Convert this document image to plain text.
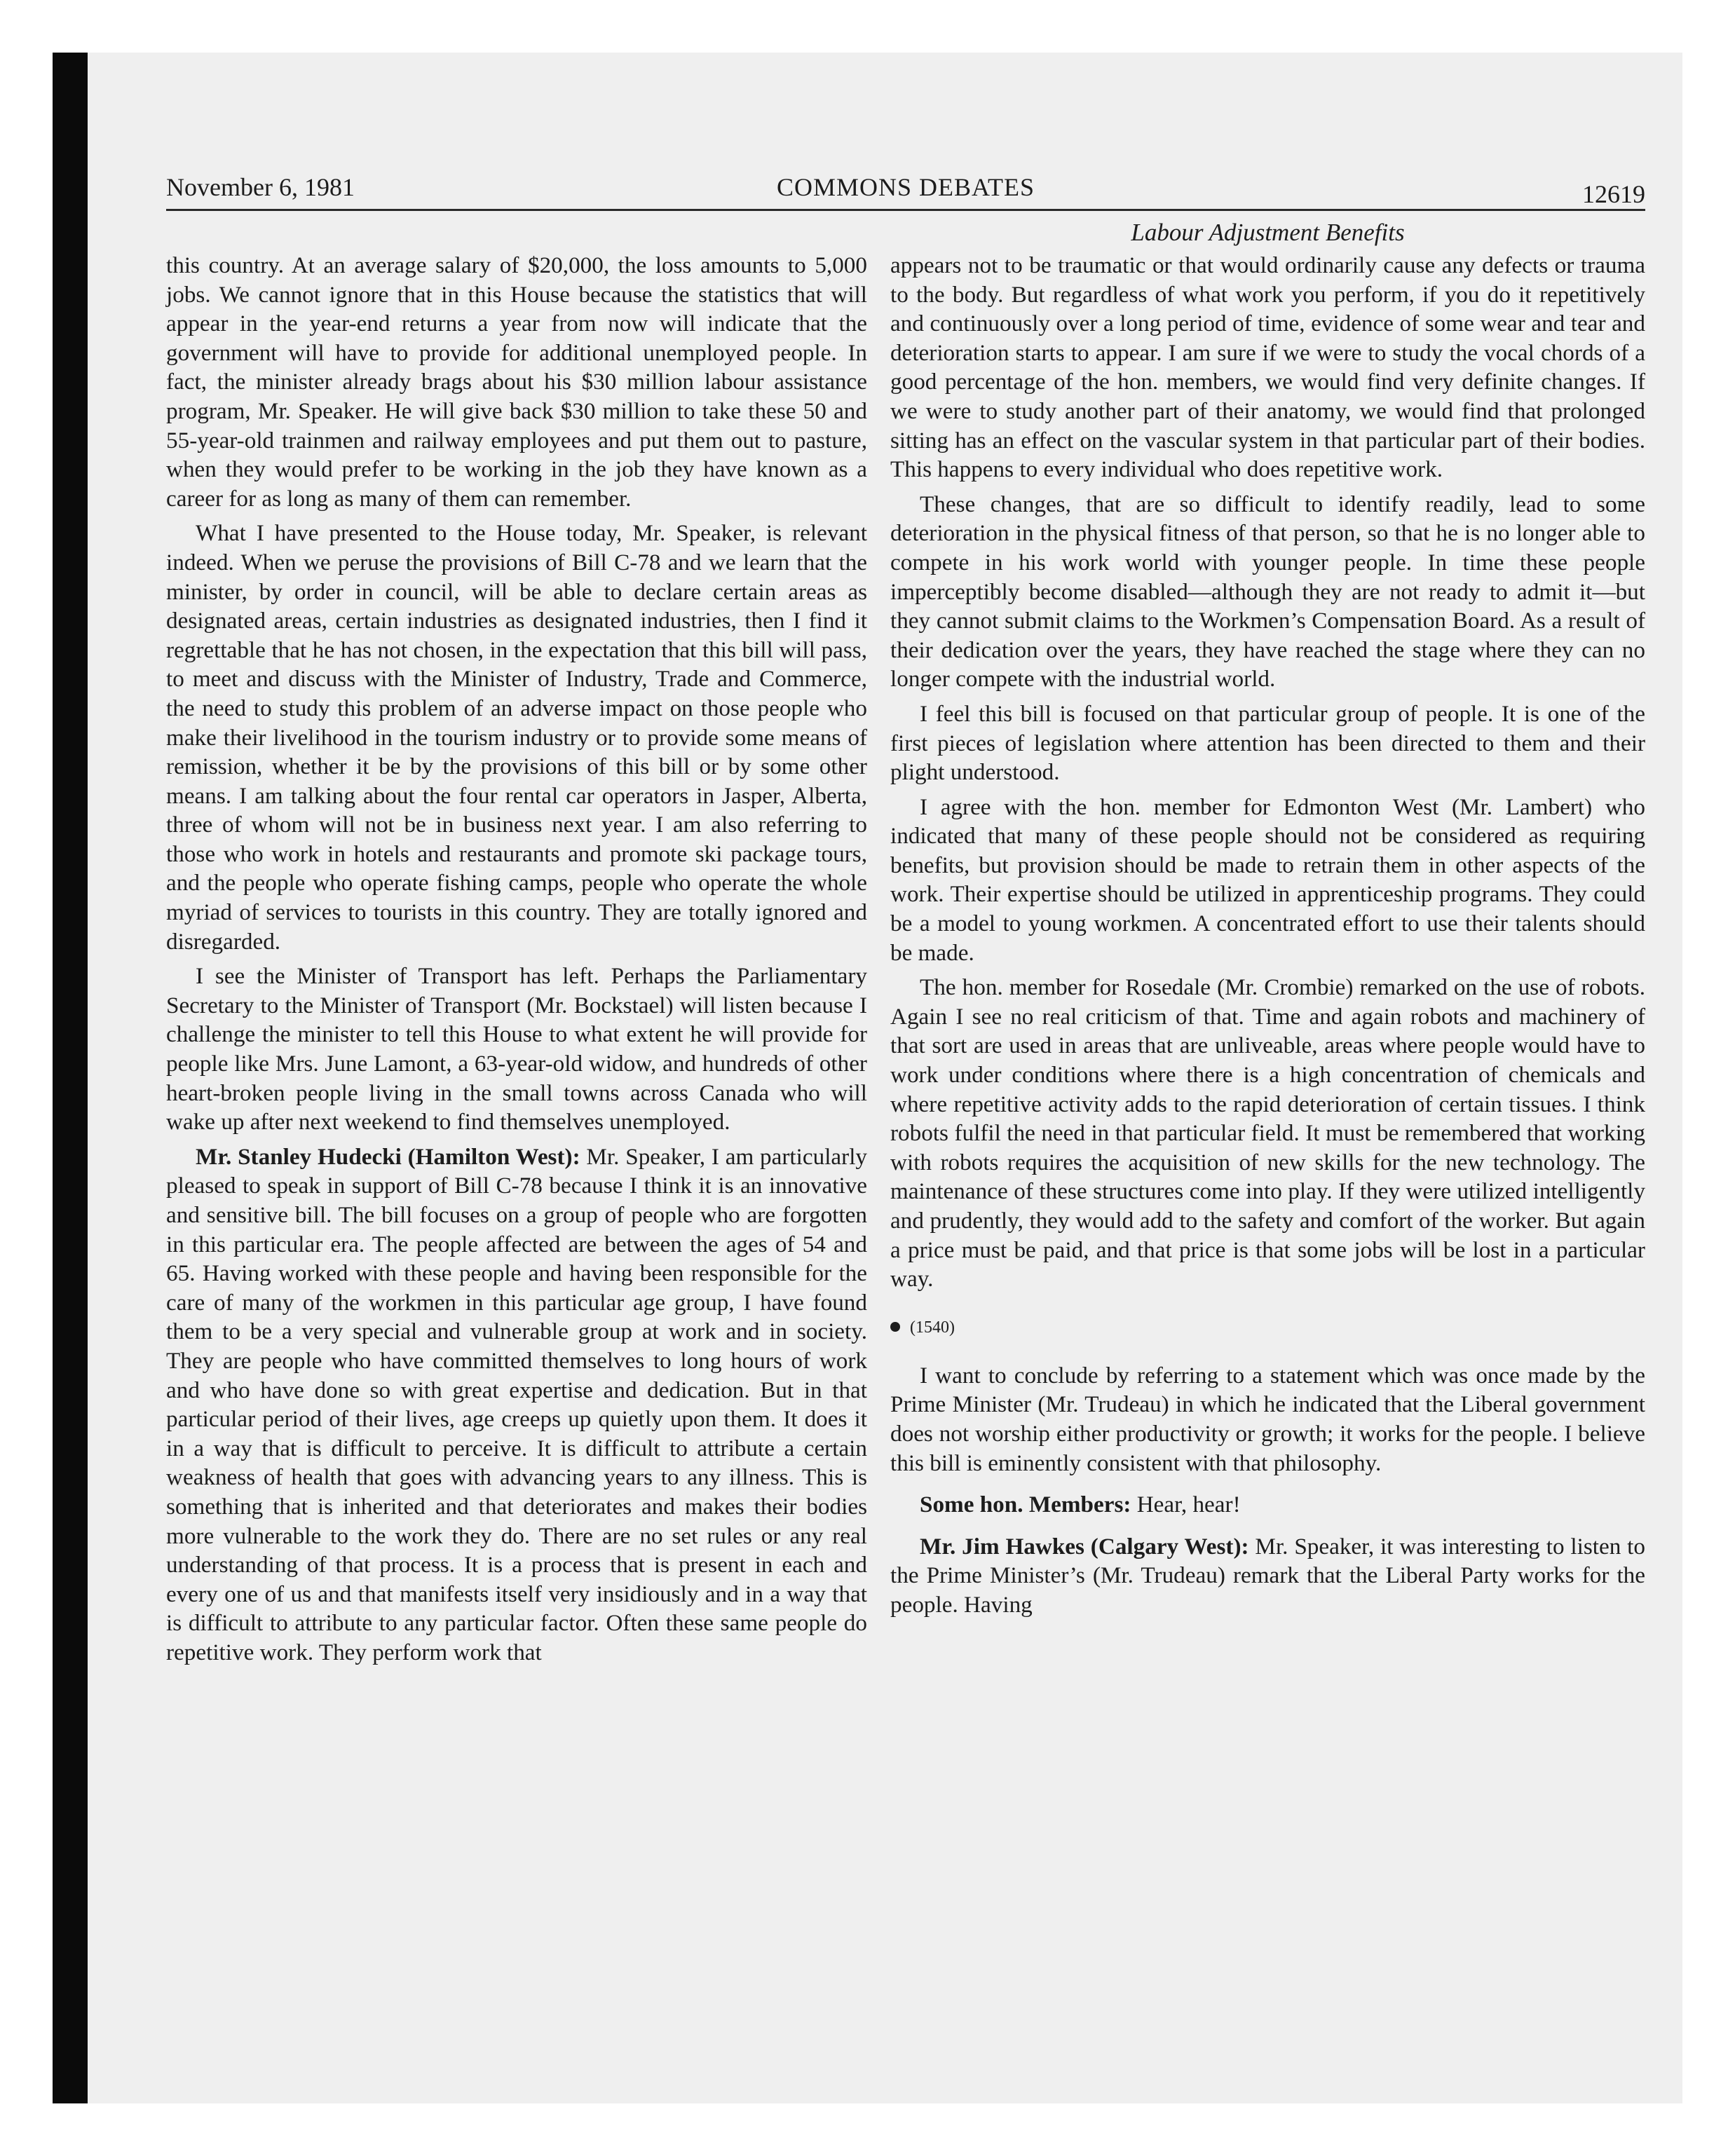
November 6, 1981	COMMONS DEBATES	12619
Labour Adjustment Benefits

this country. At an average salary of $20,000, the loss amounts to 5,000 jobs. We cannot ignore that in this House because the statistics that will appear in the year-end returns a year from now will indicate that the government will have to provide for additional unemployed people. In fact, the minister already brags about his $30 million labour assistance program, Mr. Speaker. He will give back $30 million to take these 50 and 55-year-old trainmen and railway employees and put them out to pasture, when they would prefer to be working in the job they have known as a career for as long as many of them can remember.

What I have presented to the House today, Mr. Speaker, is relevant indeed. When we peruse the provisions of Bill C-78 and we learn that the minister, by order in council, will be able to declare certain areas as designated areas, certain industries as designated industries, then I find it regrettable that he has not chosen, in the expectation that this bill will pass, to meet and discuss with the Minister of Industry, Trade and Commerce, the need to study this problem of an adverse impact on those people who make their livelihood in the tourism industry or to provide some means of remission, whether it be by the provisions of this bill or by some other means. I am talking about the four rental car operators in Jasper, Alberta, three of whom will not be in business next year. I am also referring to those who work in hotels and restaurants and promote ski package tours, and the people who operate fishing camps, people who operate the whole myriad of services to tourists in this country. They are totally ignored and disregarded.

I see the Minister of Transport has left. Perhaps the Parliamentary Secretary to the Minister of Transport (Mr. Bockstael) will listen because I challenge the minister to tell this House to what extent he will provide for people like Mrs. June Lamont, a 63-year-old widow, and hundreds of other heart-broken people living in the small towns across Canada who will wake up after next weekend to find themselves unemployed.

Mr. Stanley Hudecki (Hamilton West): Mr. Speaker, I am particularly pleased to speak in support of Bill C-78 because I think it is an innovative and sensitive bill. The bill focuses on a group of people who are forgotten in this particular era. The people affected are between the ages of 54 and 65. Having worked with these people and having been responsible for the care of many of the workmen in this particular age group, I have found them to be a very special and vulnerable group at work and in society. They are people who have committed themselves to long hours of work and who have done so with great expertise and dedication. But in that particular period of their lives, age creeps up quietly upon them. It does it in a way that is difficult to perceive. It is difficult to attribute a certain weakness of health that goes with advancing years to any illness. This is something that is inherited and that deteriorates and makes their bodies more vulnerable to the work they do. There are no set rules or any real understanding of that process. It is a process that is present in each and every one of us and that manifests itself very insidiously and in a way that is difficult to attribute to any particular factor. Often these same people do repetitive work. They perform work that

appears not to be traumatic or that would ordinarily cause any defects or trauma to the body. But regardless of what work you perform, if you do it repetitively and continuously over a long period of time, evidence of some wear and tear and deterioration starts to appear. I am sure if we were to study the vocal chords of a good percentage of the hon. members, we would find very definite changes. If we were to study another part of their anatomy, we would find that prolonged sitting has an effect on the vascular system in that particular part of their bodies. This happens to every individual who does repetitive work.

These changes, that are so difficult to identify readily, lead to some deterioration in the physical fitness of that person, so that he is no longer able to compete in his work world with younger people. In time these people imperceptibly become disabled—although they are not ready to admit it—but they cannot submit claims to the Workmen’s Compensation Board. As a result of their dedication over the years, they have reached the stage where they can no longer compete with the industrial world.

I feel this bill is focused on that particular group of people. It is one of the first pieces of legislation where attention has been directed to them and their plight understood.

I agree with the hon. member for Edmonton West (Mr. Lambert) who indicated that many of these people should not be considered as requiring benefits, but provision should be made to retrain them in other aspects of the work. Their expertise should be utilized in apprenticeship programs. They could be a model to young workmen. A concentrated effort to use their talents should be made.

The hon. member for Rosedale (Mr. Crombie) remarked on the use of robots. Again I see no real criticism of that. Time and again robots and machinery of that sort are used in areas that are unliveable, areas where people would have to work under conditions where there is a high concentration of chemicals and where repetitive activity adds to the rapid deterioration of certain tissues. I think robots fulfil the need in that particular field. It must be remembered that working with robots requires the acquisition of new skills for the new technology. The maintenance of these structures come into play. If they were utilized intelligently and prudently, they would add to the safety and comfort of the worker. But again a price must be paid, and that price is that some jobs will be lost in a particular way.

(1540)

I want to conclude by referring to a statement which was once made by the Prime Minister (Mr. Trudeau) in which he indicated that the Liberal government does not worship either productivity or growth; it works for the people. I believe this bill is eminently consistent with that philosophy.

Some hon. Members: Hear, hear!

Mr. Jim Hawkes (Calgary West): Mr. Speaker, it was interesting to listen to the Prime Minister’s (Mr. Trudeau) remark that the Liberal Party works for the people. Having
